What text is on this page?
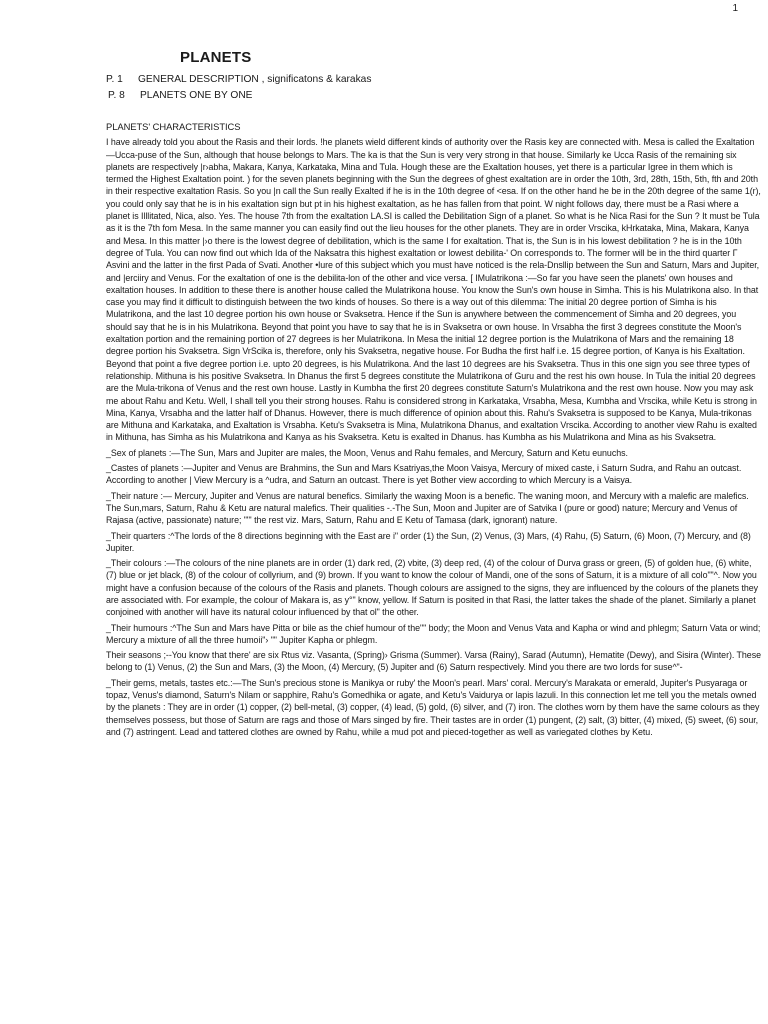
1
PLANETS
P. 1	GENERAL DESCRIPTION , significatons & karakas
P. 8	PLANETS ONE BY ONE

PLANETS' CHARACTERISTICS

I have already told you about the Rasis and their lords. !he planets wield different kinds of authority over the Rasis key are connected with. Mesa is called the Exaltation—Ucca-puse of the Sun, although that house belongs to Mars. The ka is that the Sun is very very strong in that house. Similarly ke Ucca Rasis of the remaining six planets are respectively |r›abha, Makara, Kanya, Karkataka, Mina and Tula. Hough these are the Exaltation houses, yet there is a particular Igree in them which is termed the Highest Exaltation point. ) for the seven planets beginning with the Sun the degrees of ghest exaltation are in order the 10th, 3rd, 28th, 15th, 5th, fth and 20th in their respective exaltation Rasis. So you |n call the Sun really Exalted if he is in the 10th degree of <esa. If on the other hand he be in the 20th degree of the same 1(r), you could only say that he is in his exaltation sign but pt in his highest exaltation, as he has fallen from that point. W night follows day, there must be a Rasi where a planet is Illlitated, Nica, also. Yes. The house 7th from the exaltation LA.SI is called the Debilitation Sign of a planet. So what is he Nica Rasi for the Sun ? It must be Tula as it is the 7th fom Mesa. In the same manner you can easily find out the lieu houses for the other planets. They are in order Vrscika, kHrkataka, Mina, Makara, Kanya and Mesa. In this matter |›o there is the lowest degree of debilitation, which is the same I for exaltation. That is, the Sun is in his lowest debilitation ? he is in the 10th degree of Tula. You can now find out which Ida of the Naksatra this highest exaltation or lowest debilita-' On corresponds to. The former will be in the third quarter Γ Asvini and the latter in the first Pada of Svati. Another •lure of this subject which you must have noticed is the rela-Dnsllip between the Sun and Saturn, Mars and Jupiter, and |erciiry and Venus. For the exaltation of one is the debilita-lon of the other and vice versa. [ IMulatrikona :—So far you have seen the planets' own houses and exaltation houses. In addition to these there is another house called the Mulatrikona house. You know the Sun's own house in Simha. This is his Mulatrikona also. In that case you may find it difficult to distinguish between the two kinds of houses. So there is a way out of this dilemma: The initial 20 degree portion of Simha is his Mulatrikona, and the last 10 degree portion his own house or Svaksetra. Hence if the Sun is anywhere between the commencement of Simha and 20 degrees, you should say that he is in his Mulatrikona. Beyond that point you have to say that he is in Svaksetra or own house. In Vrsabha the first 3 degrees constitute the Moon's exaltation portion and the remaining portion of 27 degrees is her Mulatrikona. In Mesa the initial 12 degree portion is the Mulatrikona of Mars and the remaining 18 degree portion his Svaksetra. Sign VrScika is, therefore, only his Svaksetra, negative house. For Budha the first half i.e. 15 degree portion, of Kanya is his Exaltation. Beyond that point a five degree portion i.e. upto 20 degrees, is his Mulatrikona. And the last 10 degrees are his Svaksetra. Thus in this one sign you see three types of relationship. Mithuna is his positive Svaksetra. In Dhanus the first 5 degrees constitute the Mulatrikona of Guru and the rest his own house. In Tula the initial 20 degrees are the Mula-trikona of Venus and the rest own house. Lastly in Kumbha the first 20 degrees constitute Saturn's Mulatrikona and the rest own house. Now you may ask me about Rahu and Ketu. Well, I shall tell you their strong houses. Rahu is considered strong in Karkataka, Vrsabha, Mesa, Kumbha and Vrscika, while Ketu is strong in Mina, Kanya, Vrsabha and the latter half of Dhanus. However, there is much difference of opinion about this. Rahu's Svaksetra is supposed to be Kanya, Mula-trikonas are Mithuna and Karkataka, and Exaltation is Vrsabha. Ketu's Svaksetra is Mina, Mulatrikona Dhanus, and exaltation Vrscika. According to another view Rahu is exalted in Mithuna, has Simha as his Mulatrikona and Kanya as his Svaksetra. Ketu is exalted in Dhanus. has Kumbha as his Mulatrikona and Mina as his Svaksetra.

_Sex of planets :—The Sun, Mars and Jupiter are males, the Moon, Venus and Rahu females, and Mercury, Saturn and Ketu eunuchs.

_Castes of planets :—Jupiter and Venus are Brahmins, the Sun and Mars Ksatriyas,the Moon Vaisya, Mercury of mixed caste, i Saturn Sudra, and Rahu an outcast. According to another | View Mercury is a ^udra, and Saturn an outcast. There is yet Bother view according to which Mercury is a Vaisya.

_Their nature :— Mercury, Jupiter and Venus are natural benefics. Similarly the waxing Moon is a benefic. The waning moon, and Mercury with a malefic are malefics. The Sun,mars, Saturn, Rahu & Ketu are natural malefics. Their qualities -.-The Sun, Moon and Jupiter are of Satvika I (pure or good) nature; Mercury and Venus of Rajasa (active, passionate) nature; ""' the rest viz. Mars, Saturn, Rahu and E Ketu of Tamasa (dark, ignorant) nature.

_Their quarters :^The lords of the 8 directions beginning with the East are i" order (1) the Sun, (2) Venus, (3) Mars, (4) Rahu, (5) Saturn, (6) Moon, (7) Mercury, and (8) Jupiter.

_Their colours :—The colours of the nine planets are in order (1) dark red, (2) vbite, (3) deep red, (4) of the colour of Durva grass or green, (5) of golden hue, (6) white, (7) blue or jet black, (8) of the colour of collyrium, and (9) brown. If you want to know the colour of Mandi, one of the sons of Saturn, it is a mixture of all colo""^. Now you might have a confusion because of the colours of the Rasis and planets. Though colours are assigned to the signs, they are influenced by the colours of the planets they are associated with. For example, the colour of Makara is, as y°" know, yellow. If Saturn is posited in that Rasi, the latter takes the shade of the planet. Similarly a planet conjoined with another will have its natural colour influenced by that ol" the other.

_Their humours :^The Sun and Mars have Pitta or bile as the chief humour of the"" body; the Moon and Venus Vata and Kapha or wind and phlegm; Saturn Vata or wind; Mercury a mixture of all the three humoii"› "" Jupiter Kapha or phlegm.

Their seasons ;--You know that there' are six Rtus viz. Vasanta, (Spring)› Grisma (Summer). Varsa (Rainy), Sarad (Autumn), Hematite (Dewy), and Sisira (Winter). These belong to (1) Venus, (2) the Sun and Mars, (3) the Moon, (4) Mercury, (5) Jupiter and (6) Saturn respectively. Mind you there are two lords for suse^"-

_Their gems, metals, tastes etc.:—The Sun's precious stone is Manikya or ruby' the Moon's pearl. Mars' coral. Mercury's Marakata or emerald, Jupiter's Pusyaraga or topaz, Venus's diamond, Saturn's Nilam or sapphire, Rahu's Gomedhika or agate, and Ketu's Vaidurya or lapis lazuli. In this connection let me tell you the metals owned by the planets : They are in order (1) copper, (2) bell-metal, (3) copper, (4) lead, (5) gold, (6) silver, and (7) iron. The clothes worn by them have the same colours as they themselves possess, but those of Saturn are rags and those of Mars singed by fire. Their tastes are in order (1) pungent, (2) salt, (3) bitter, (4) mixed, (5) sweet, (6) sour, and (7) astringent. Lead and tattered clothes are owned by Rahu, while a mud pot and pieced-together as well as variegated clothes by Ketu.
